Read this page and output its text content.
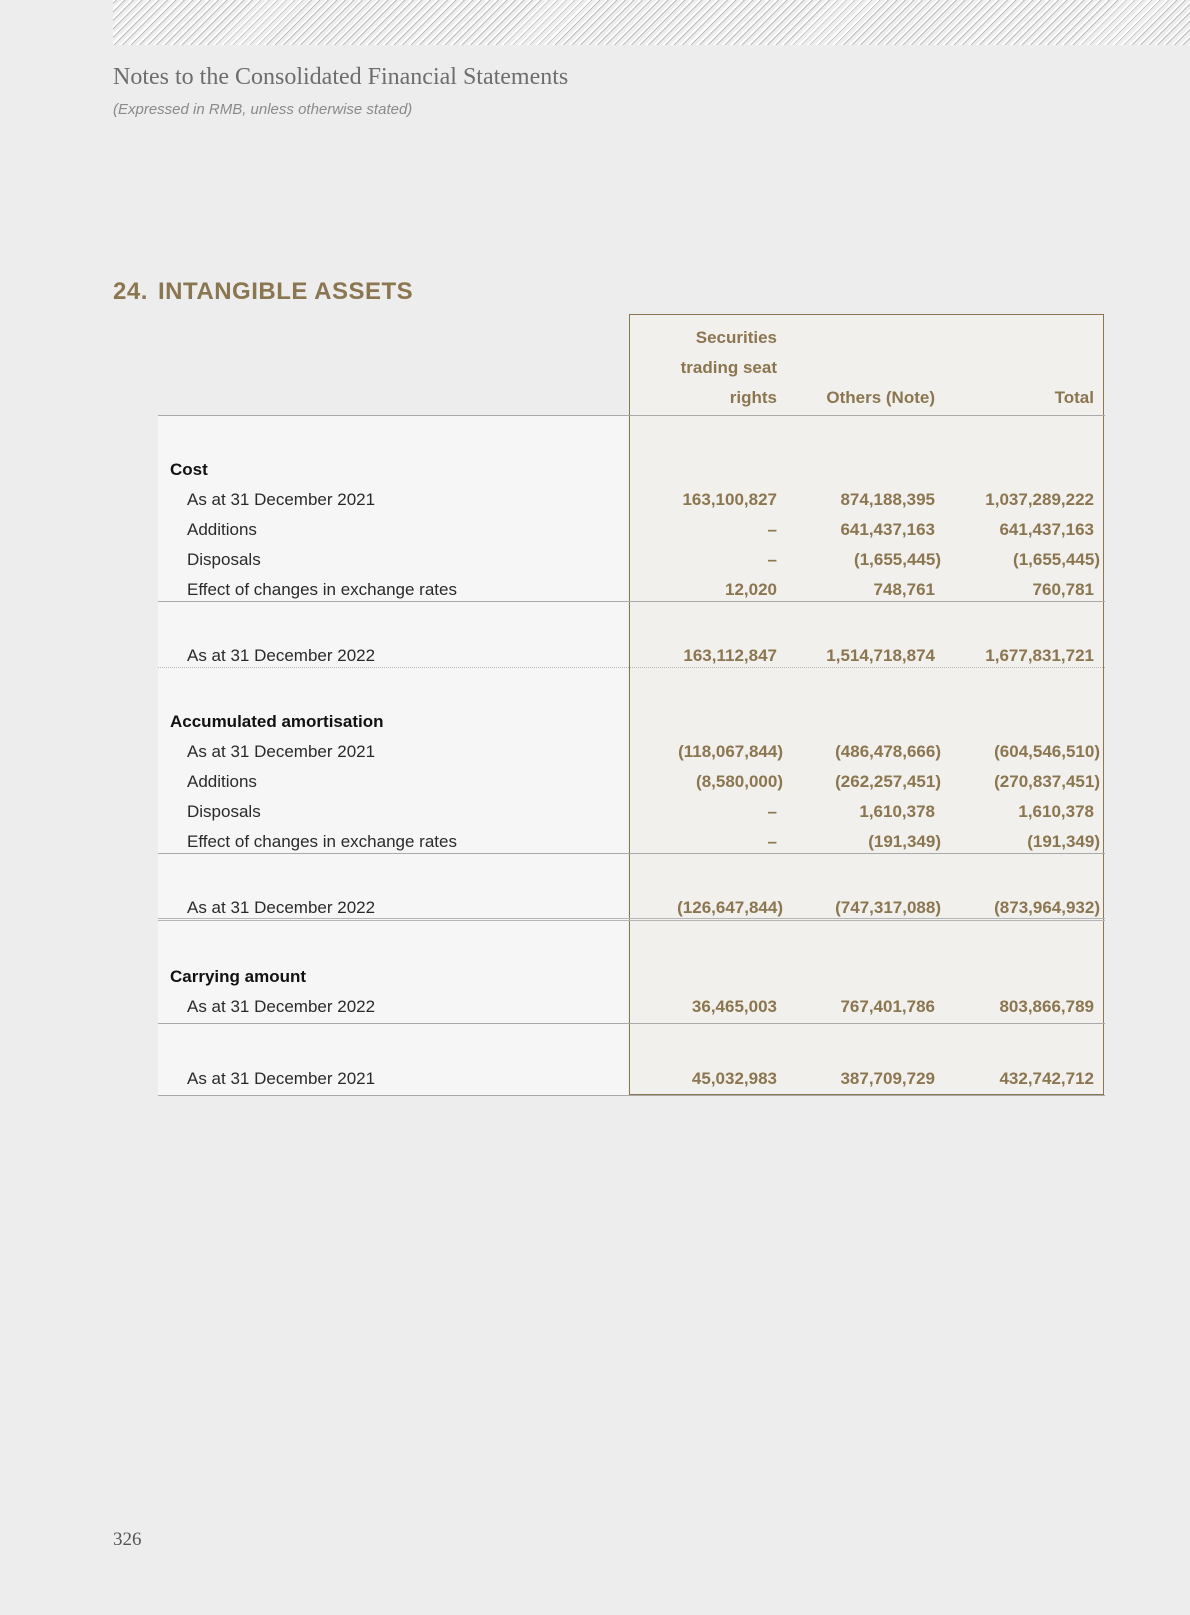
Notes to the Consolidated Financial Statements
(Expressed in RMB, unless otherwise stated)
24. INTANGIBLE ASSETS
Securities
trading seat
rights	Others (Note)	Total
Cost
As at 31 December 2021	163,100,827	874,188,395	1,037,289,222
Additions	–	641,437,163	641,437,163
Disposals	–	(1,655,445)	(1,655,445)
Effect of changes in exchange rates	12,020	748,761	760,781
As at 31 December 2022	163,112,847	1,514,718,874	1,677,831,721
Accumulated amortisation
As at 31 December 2021	(118,067,844)	(486,478,666)	(604,546,510)
Additions	(8,580,000)	(262,257,451)	(270,837,451)
Disposals	–	1,610,378	1,610,378
Effect of changes in exchange rates	–	(191,349)	(191,349)
As at 31 December 2022	(126,647,844)	(747,317,088)	(873,964,932)
Carrying amount
As at 31 December 2022	36,465,003	767,401,786	803,866,789
As at 31 December 2021	45,032,983	387,709,729	432,742,712
326
